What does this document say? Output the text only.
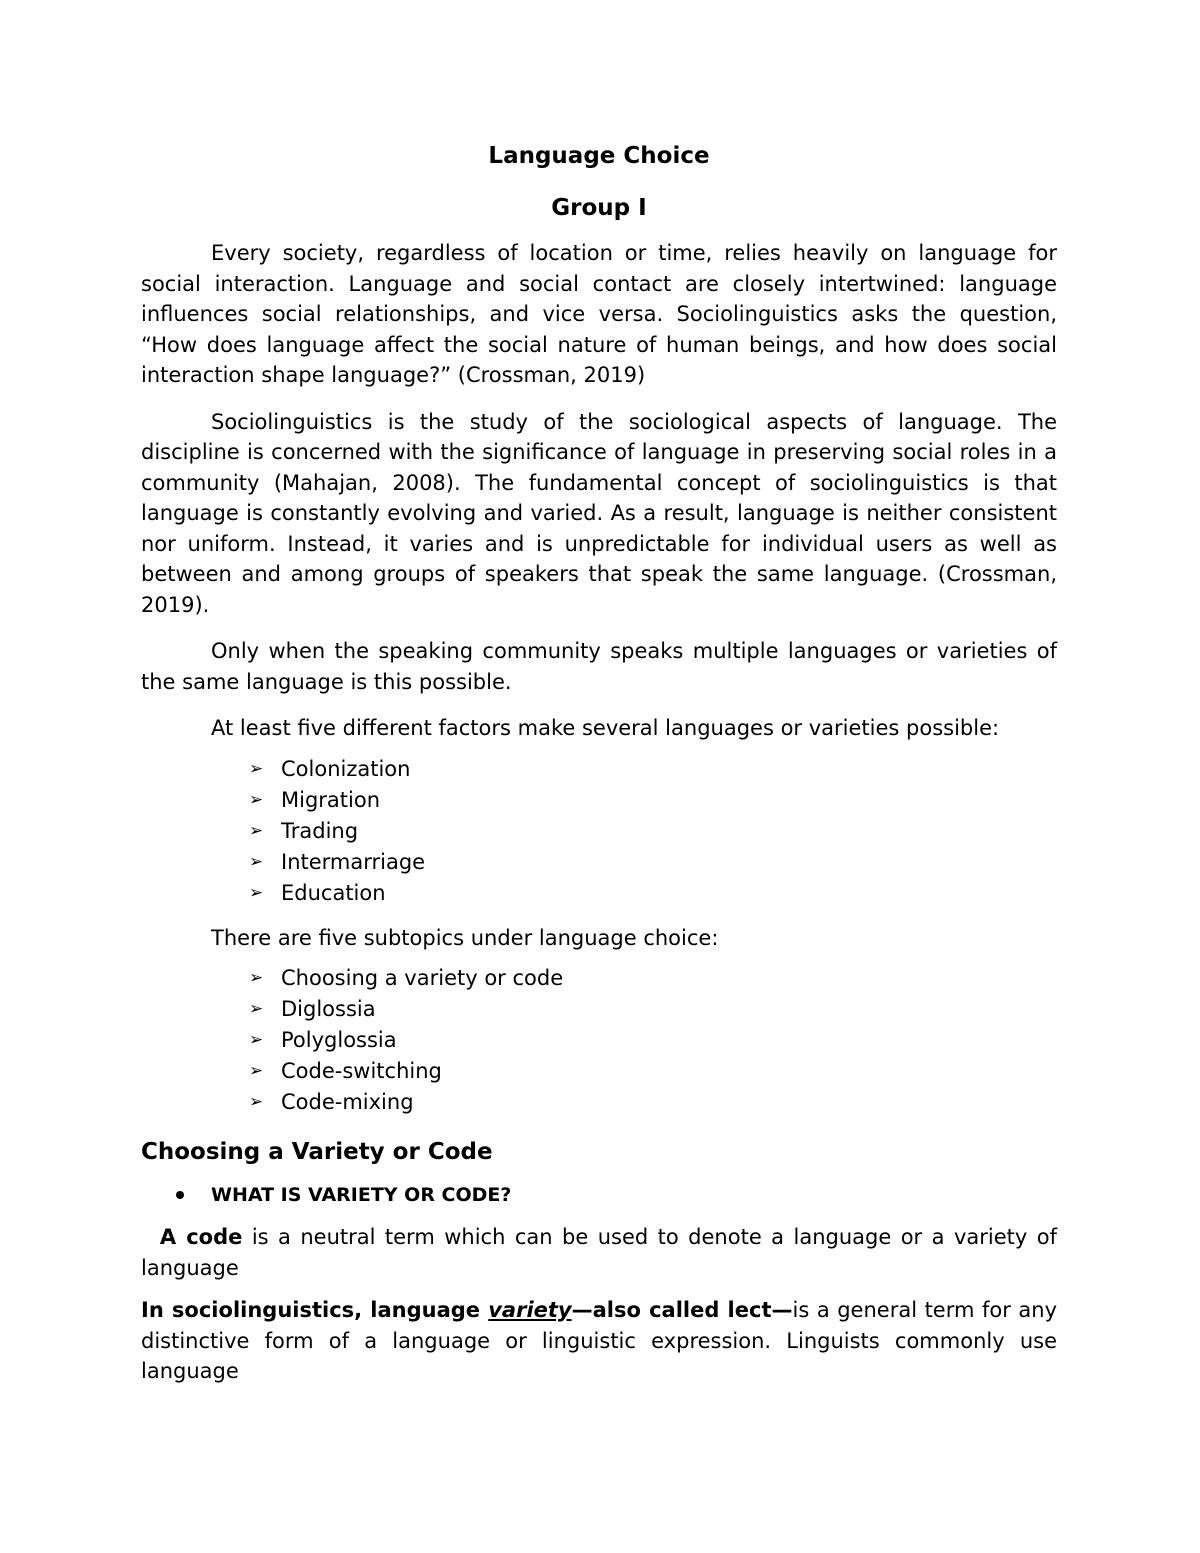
Language Choice
Group I

Every society, regardless of location or time, relies heavily on language for social interaction. Language and social contact are closely intertwined: language influences social relationships, and vice versa. Sociolinguistics asks the question, “How does language affect the social nature of human beings, and how does social interaction shape language?” (Crossman, 2019)

Sociolinguistics is the study of the sociological aspects of language. The discipline is concerned with the significance of language in preserving social roles in a community (Mahajan, 2008). The fundamental concept of sociolinguistics is that language is constantly evolving and varied. As a result, language is neither consistent nor uniform. Instead, it varies and is unpredictable for individual users as well as between and among groups of speakers that speak the same language. (Crossman, 2019).

Only when the speaking community speaks multiple languages or varieties of the same language is this possible.

At least five different factors make several languages or varieties possible:

➢ Colonization
➢ Migration
➢ Trading
➢ Intermarriage
➢ Education

There are five subtopics under language choice:

➢ Choosing a variety or code
➢ Diglossia
➢ Polyglossia
➢ Code-switching
➢ Code-mixing
Choosing a Variety or Code
WHAT IS VARIETY OR CODE?

A code is a neutral term which can be used to denote a language or a variety of language

In sociolinguistics, language variety—also called lect—is a general term for any distinctive form of a language or linguistic expression. Linguists commonly use language
